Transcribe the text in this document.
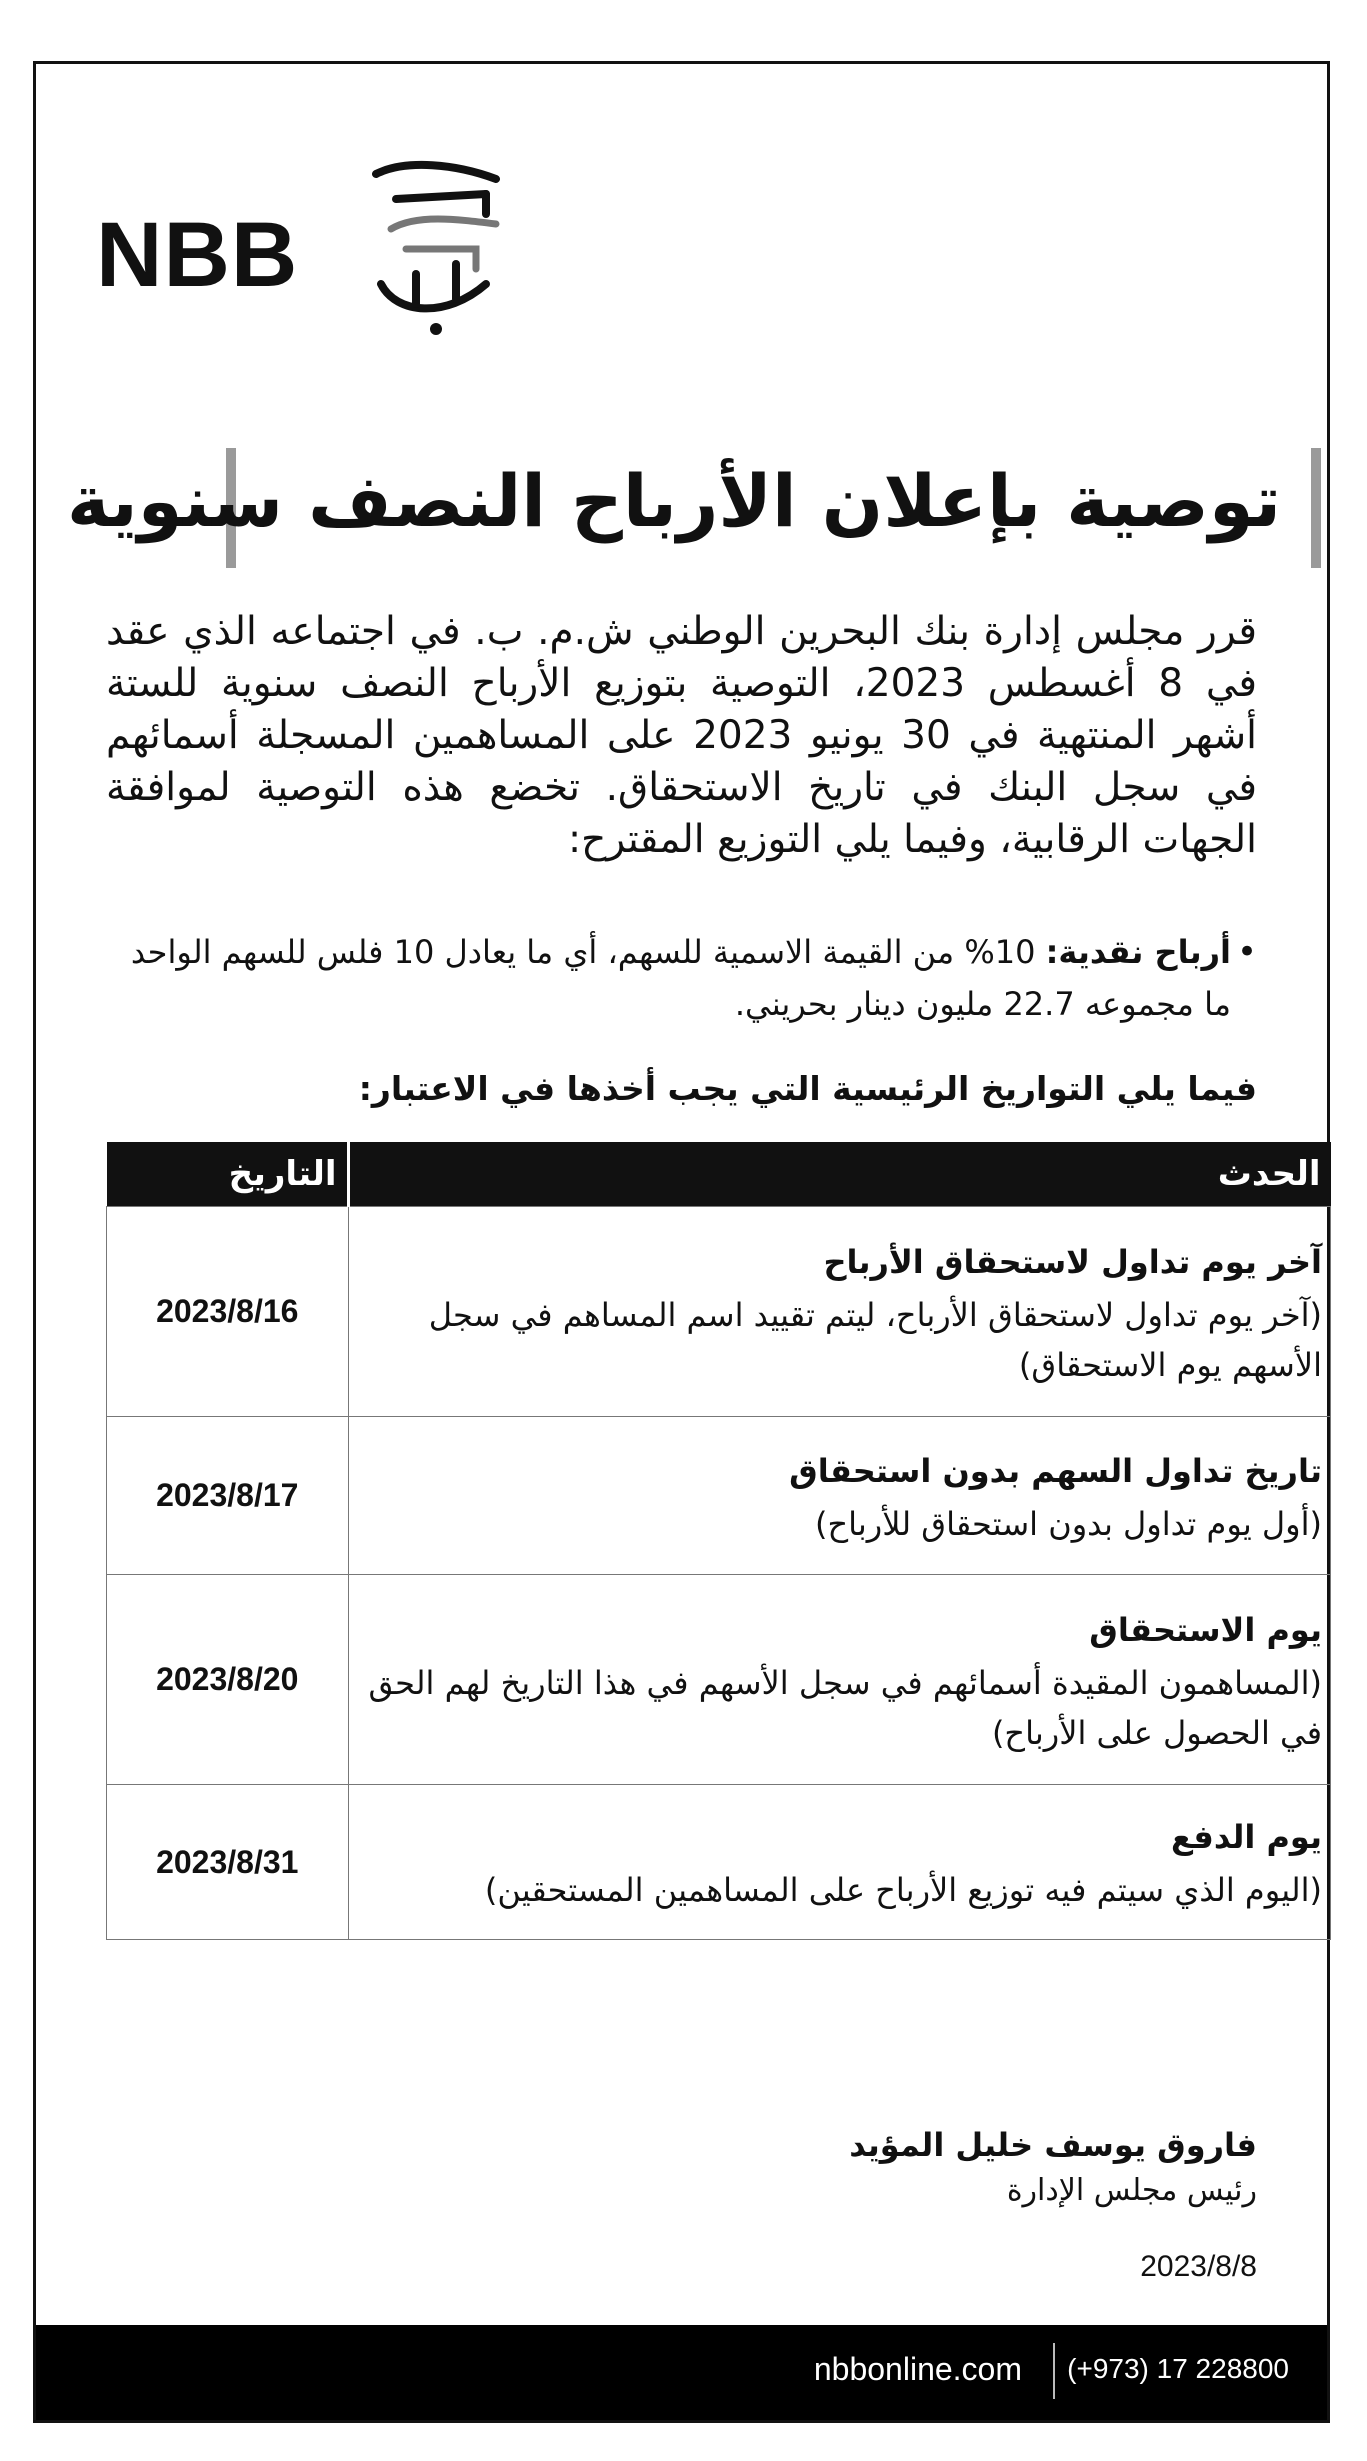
NBB
توصية بإعلان الأرباح النصف سنوية
قرر مجلس إدارة بنك البحرين الوطني ش.م. ب. في اجتماعه الذي عقد في 8 أغسطس 2023، التوصية بتوزيع الأرباح النصف سنوية للستة أشهر المنتهية في 30 يونيو 2023 على المساهمين المسجلة أسمائهم في سجل البنك في تاريخ الاستحقاق. تخضع هذه التوصية لموافقة الجهات الرقابية، وفيما يلي التوزيع المقترح:
•
أرباح نقدية: 10% من القيمة الاسمية للسهم، أي ما يعادل 10 فلس للسهم الواحد ما مجموعه 22.7 مليون دينار بحريني.
فيما يلي التواريخ الرئيسية التي يجب أخذها في الاعتبار:
الحدث	التاريخ

آخر يوم تداول لاستحقاق الأرباح
(آخر يوم تداول لاستحقاق الأرباح، ليتم تقييد اسم المساهم في سجل الأسهم يوم الاستحقاق)	2023/8/16

تاريخ تداول السهم بدون استحقاق
(أول يوم تداول بدون استحقاق للأرباح)	2023/8/17

يوم الاستحقاق
(المساهمون المقيدة أسمائهم في سجل الأسهم في هذا التاريخ لهم الحق في الحصول على الأرباح)	2023/8/20

يوم الدفع
(اليوم الذي سيتم فيه توزيع الأرباح على المساهمين المستحقين)	2023/8/31
فاروق يوسف خليل المؤيد
رئيس مجلس الإدارة
2023/8/8
nbbonline.com (+973) 17 228800
